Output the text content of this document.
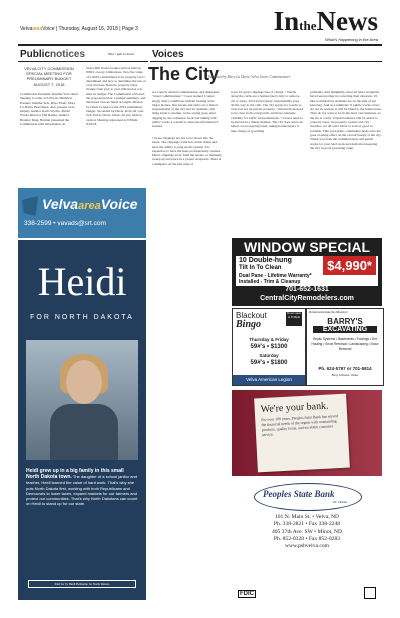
VelvaareaVoice | Thursday, August 16, 2018 | Page 3	IntheNews
What's Happening in the Area
Publicnotices	Your right to know
VELVA CITY COMMISSION SPECIAL MEETING FOR PRELIMINARY BUDGET AUGUST 7, 2018
Commission President Jennifer Soli called meeting to order at 5:00 pm. Members Present: Jennifer Soli, Dave Ertelt, Mary Lu Davis, Ben Olsen. Also present were Deputy Auditor Karla Wyche, Public Works Director Tim Rainer, Auditor Heather King. Harmel presented the Commission with information on
Velva mill levies, budget and tax history, NDCC-Lacey Limitations. Now the value of a mill is determined, how property tax is determined and how to determine the use of a tax increase. Reserve property taxes change from year to year. Discussion was held on budget. The Commission reviewed the proposed levies, a budget summary, and discussed various funds at length. Motion by Olsen to approve the 2019 preliminary budget. Seconded by Davis. Roll call vote: Soli, Ertelt, Davis, Olsen, all yes, motion carried. Meeting adjourned at 6:50pm. 8/16/18
Voices
The City
Submitted by Mary Lu Davis, Velva Sewer Commissioner
As a newly elected commissioner, and designated "street commissioner," I soon learned I cannot singly direct conditions without looking at the larger picture. Our streets and curbs are a shared responsibility of the city and its residents. One thing leads to another, as the saying goes. After digging in, the ordinance book and talking with public works, I wanted to share the information I learned.
• Grass clippings are not to be blown into the street. The clippings wash into storm drains and have the ability to plug up the system. It is expensive to have the lines professionally cleaned. Direct clippings away from the streets, or manually sweep up and place in a proper receptacle. There is a dumpster on the east edge of
town for grass clippings free of charge. • Weeds along the curbs are a homeowner's duty to remove, cut or spray. Yard and property responsibility goes all the way to the curb. The city sprays for weeds as well, but not on private property. • Intersections need to be clear from overgrowth, and have adequate visibility for traffic and pedestrians. • Leaves need to be moved in a timely manner. The city does send out letters on an ongoing basis, asking homeowners to take charge of grooming
problems. And thankfully, most all letter recipients have been prompt in correcting their situation. I'd like to think most residents are on the side of not knowing. And as a reminder: if public works crews are not in session, it will be billed to the homeowner. They do not want to be in the lawn care business, as the fee is costly. Unpaid balances will be added to property taxes. As property owners and city dwellers, we all want Velva to look as good as possible. This yard-pride, community pride and care goes a lasting effect on the overall beauty of the city. Thank you from the commissioners and public works for your hard work and dedication keeping the city in good grooming order.
VelvaareaVoice
338-2599 • vavads@srt.com
Heidi
FOR NORTH DAKOTA
Heidi grew up in a big family in this small North Dakota town. The daughter of a school janitor and teacher, Heidi learned the value of hard work. That's why she puts North Dakota first, working with both Republicans and Democrats to lower taxes, expand markets for our farmers and protect our communities. That's why North Dakotans can count on Heidi to stand up for our state.
Paid for by Heidi Heitkamp for North Dakota
WINDOW SPECIAL
10 Double-hung
Tilt In To Clean
Dual Pane - Lifetime Warranty*
Installed - Trim & Cleanup
$4,990*
701-652-1631
CentralCityRemodelers.com
Blackout
Bingo
Doors open at 6:30pm
Thursday & Friday
59#'s • $1300
Saturday
59#'s • $1800
Velva American Legion
Professionals make the difference!
BARRY'S
EXCAVATING
Septic Systems • Basements • Footings • Dirt Hauling • Snow Removal • Landscaping • Snow Removal
Ph. 624-5797 or 701-5814
Barry Schlosser, Owner
We're your bank.
For over 100 years, Peoples State Bank has served the financial needs of the region with outstanding products, quality loans, and excellent customer service.
Peoples State Bank
OF VELVA
101 N. Main St. • Velva, ND
Ph. 338-2821 • Fax 338-2248
405 37th Ave. SW • Minot, ND
Ph. 852-0328 • Fax 852-0283
www.psbvelva.com
FDIC
